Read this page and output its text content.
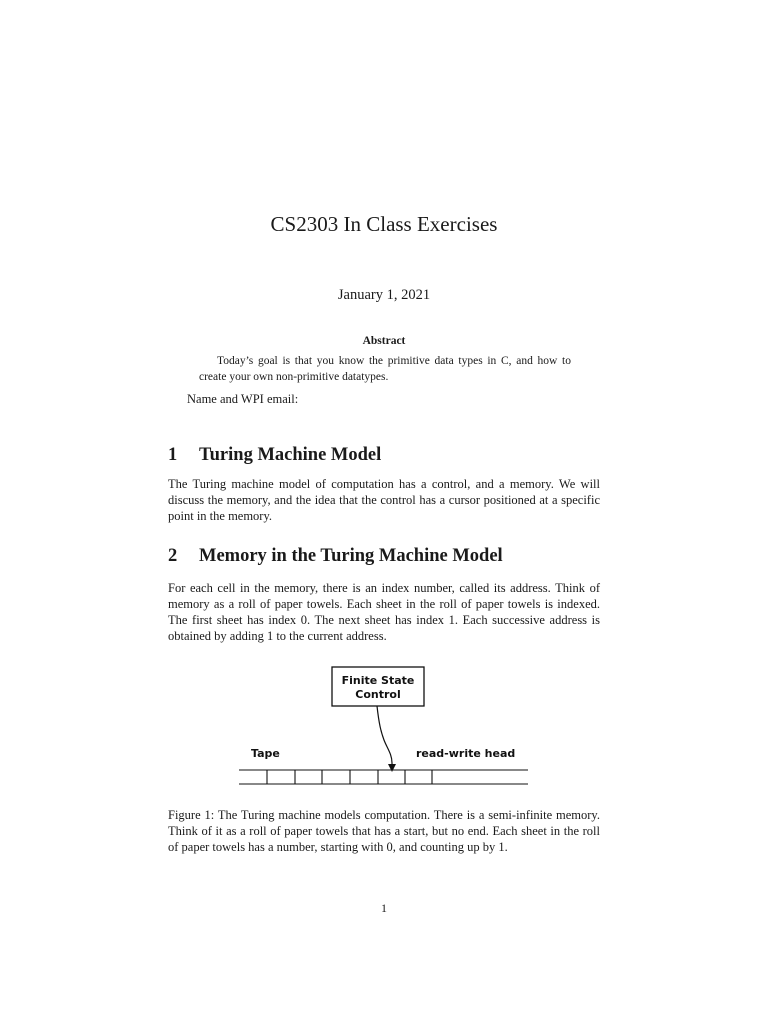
CS2303 In Class Exercises
January 1, 2021
Abstract
Today’s goal is that you know the primitive data types in C, and how to create your own non-primitive datatypes.
Name and WPI email:
1 Turing Machine Model
The Turing machine model of computation has a control, and a memory. We will discuss the memory, and the idea that the control has a cursor positioned at a specific point in the memory.
2 Memory in the Turing Machine Model
For each cell in the memory, there is an index number, called its address. Think of memory as a roll of paper towels. Each sheet in the roll of paper towels is indexed. The first sheet has index 0. The next sheet has index 1. Each successive address is obtained by adding 1 to the current address.
Finite State
Control
Tape	read-write head
Figure 1: The Turing machine models computation. There is a semi-infinite memory. Think of it as a roll of paper towels that has a start, but no end. Each sheet in the roll of paper towels has a number, starting with 0, and counting up by 1.
1
